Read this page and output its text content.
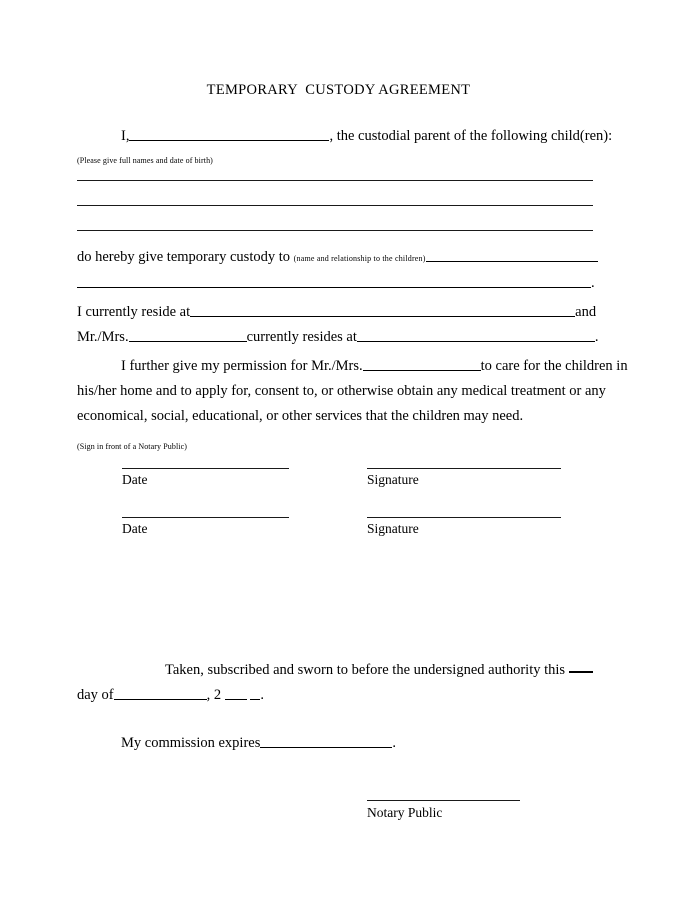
TEMPORARY  CUSTODY AGREEMENT
I,	, the custodial parent of the following child(ren):
(Please give full names and date of birth)
do hereby give temporary custody to (name and relationship to the children)
.
I currently reside at	and
Mr./Mrs.	currently resides at	.
I further give my permission for Mr./Mrs.	to care for the children in
his/her home and to apply for, consent to, or otherwise obtain any medical treatment or any
economical, social, educational, or other services that the children may need.
(Sign in front of a Notary Public)
Date	Signature
Date	Signature
Taken, subscribed and sworn to before the undersigned authority this
day of	, 2	.
My commission expires	.
Notary Public
